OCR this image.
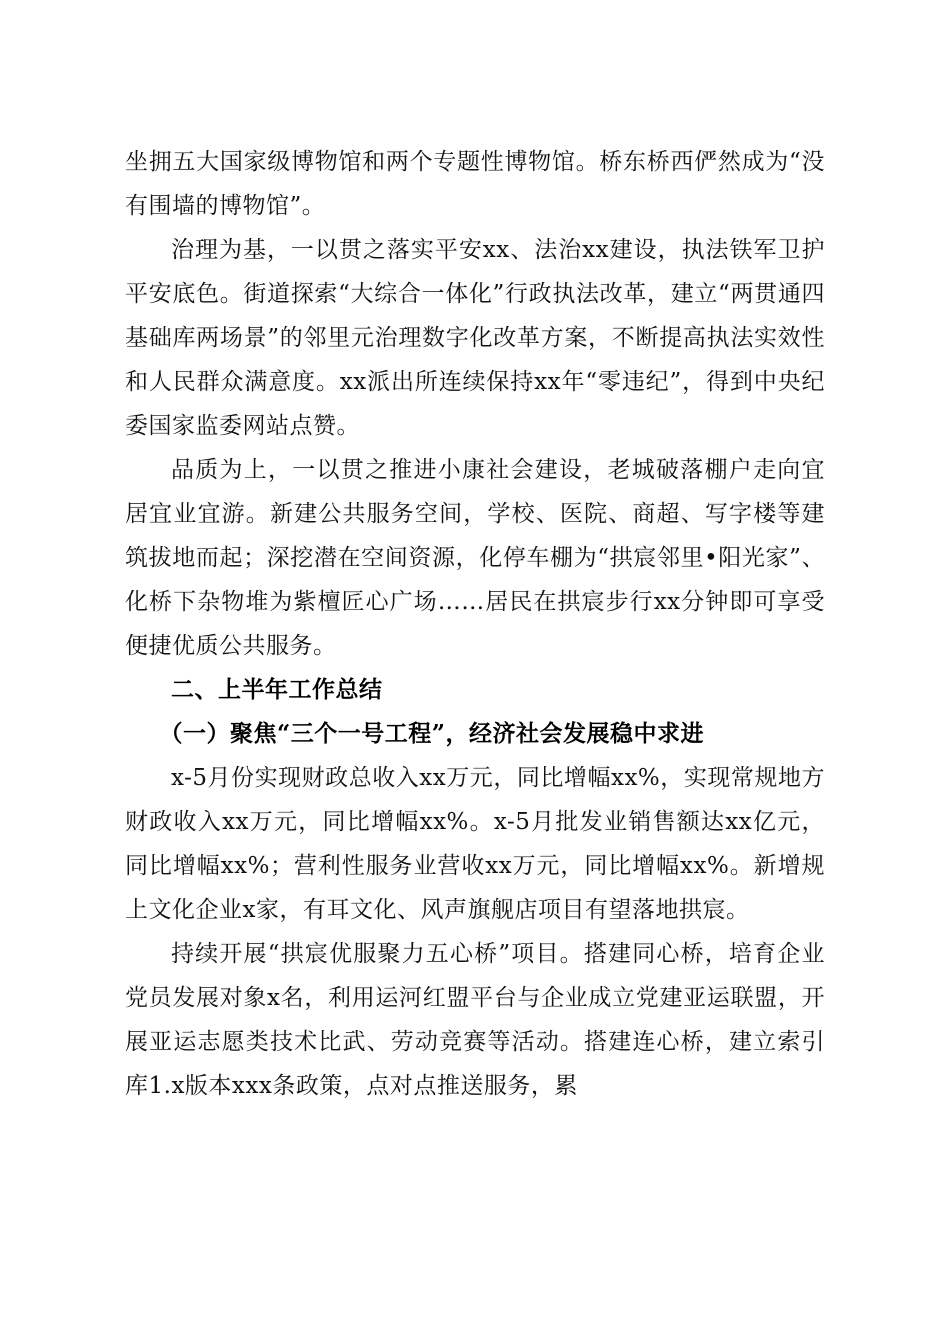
坐拥五大国家级博物馆和两个专题性博物馆。桥东桥西俨然成为“没有围墙的博物馆”。

治理为基，一以贯之落实平安xx、法治xx建设，执法铁军卫护平安底色。街道探索“大综合一体化”行政执法改革，建立“两贯通四基础库两场景”的邻里元治理数字化改革方案，不断提高执法实效性和人民群众满意度。xx派出所连续保持xx年“零违纪”，得到中央纪委国家监委网站点赞。

品质为上，一以贯之推进小康社会建设，老城破落棚户走向宜居宜业宜游。新建公共服务空间，学校、医院、商超、写字楼等建筑拔地而起；深挖潜在空间资源，化停车棚为“拱宸邻里•阳光家”、化桥下杂物堆为紫檀匠心广场……居民在拱宸步行xx分钟即可享受便捷优质公共服务。

二、上半年工作总结

（一）聚焦“三个一号工程”，经济社会发展稳中求进

x-5月份实现财政总收入xx万元，同比增幅xx%，实现常规地方财政收入xx万元，同比增幅xx%。x-5月批发业销售额达xx亿元，同比增幅xx%；营利性服务业营收xx万元，同比增幅xx%。新增规上文化企业x家，有耳文化、风声旗舰店项目有望落地拱宸。

持续开展“拱宸优服聚力五心桥”项目。搭建同心桥，培育企业党员发展对象x名，利用运河红盟平台与企业成立党建亚运联盟，开展亚运志愿类技术比武、劳动竞赛等活动。搭建连心桥，建立索引库1.x版本xxx条政策，点对点推送服务，累
